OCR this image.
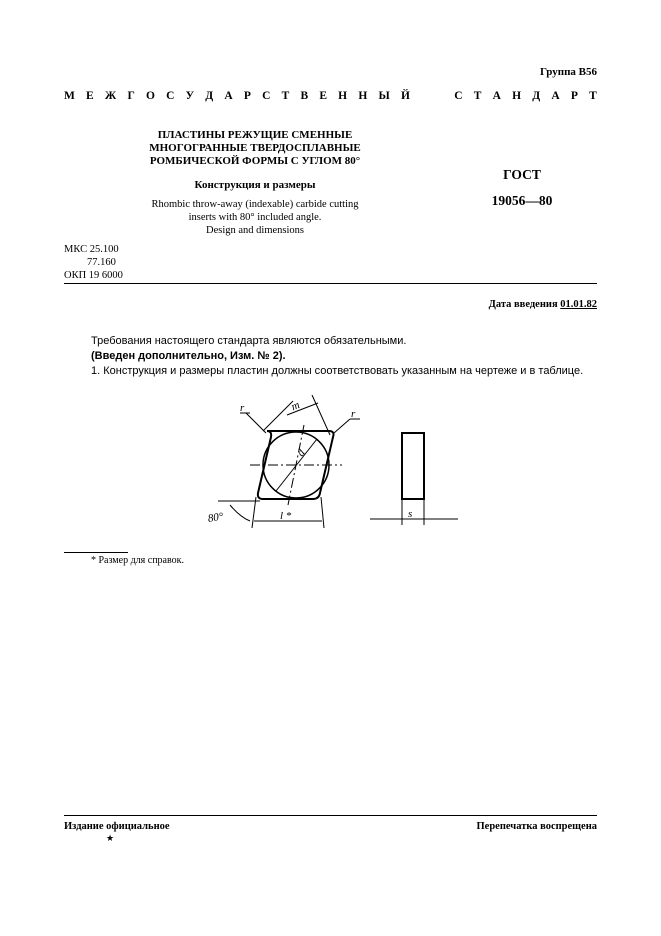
Группа В56
М Е Ж Г О С У Д А Р С Т В Е Н Н Ы Й	С Т А Н Д А Р Т
ПЛАСТИНЫ РЕЖУЩИЕ СМЕННЫЕ
МНОГОГРАННЫЕ ТВЕРДОСПЛАВНЫЕ
РОМБИЧЕСКОЙ ФОРМЫ С УГЛОМ 80°
Конструкция и размеры
Rhombic throw-away (indexable) carbide cutting
inserts with 80° included angle.
Design and dimensions
ГОСТ
19056—80
МКС 25.100
77.160
ОКП 19 6000
Дата введения 01.01.82
Требования настоящего стандарта являются обязательными.
(Введен дополнительно, Изм. № 2).
1. Конструкция и размеры пластин должны соответствовать указанным на чертеже и в таблице.
r	r
m
d
l *
80°	s
* Размер для справок.
Издание официальное
★
Перепечатка воспрещена
